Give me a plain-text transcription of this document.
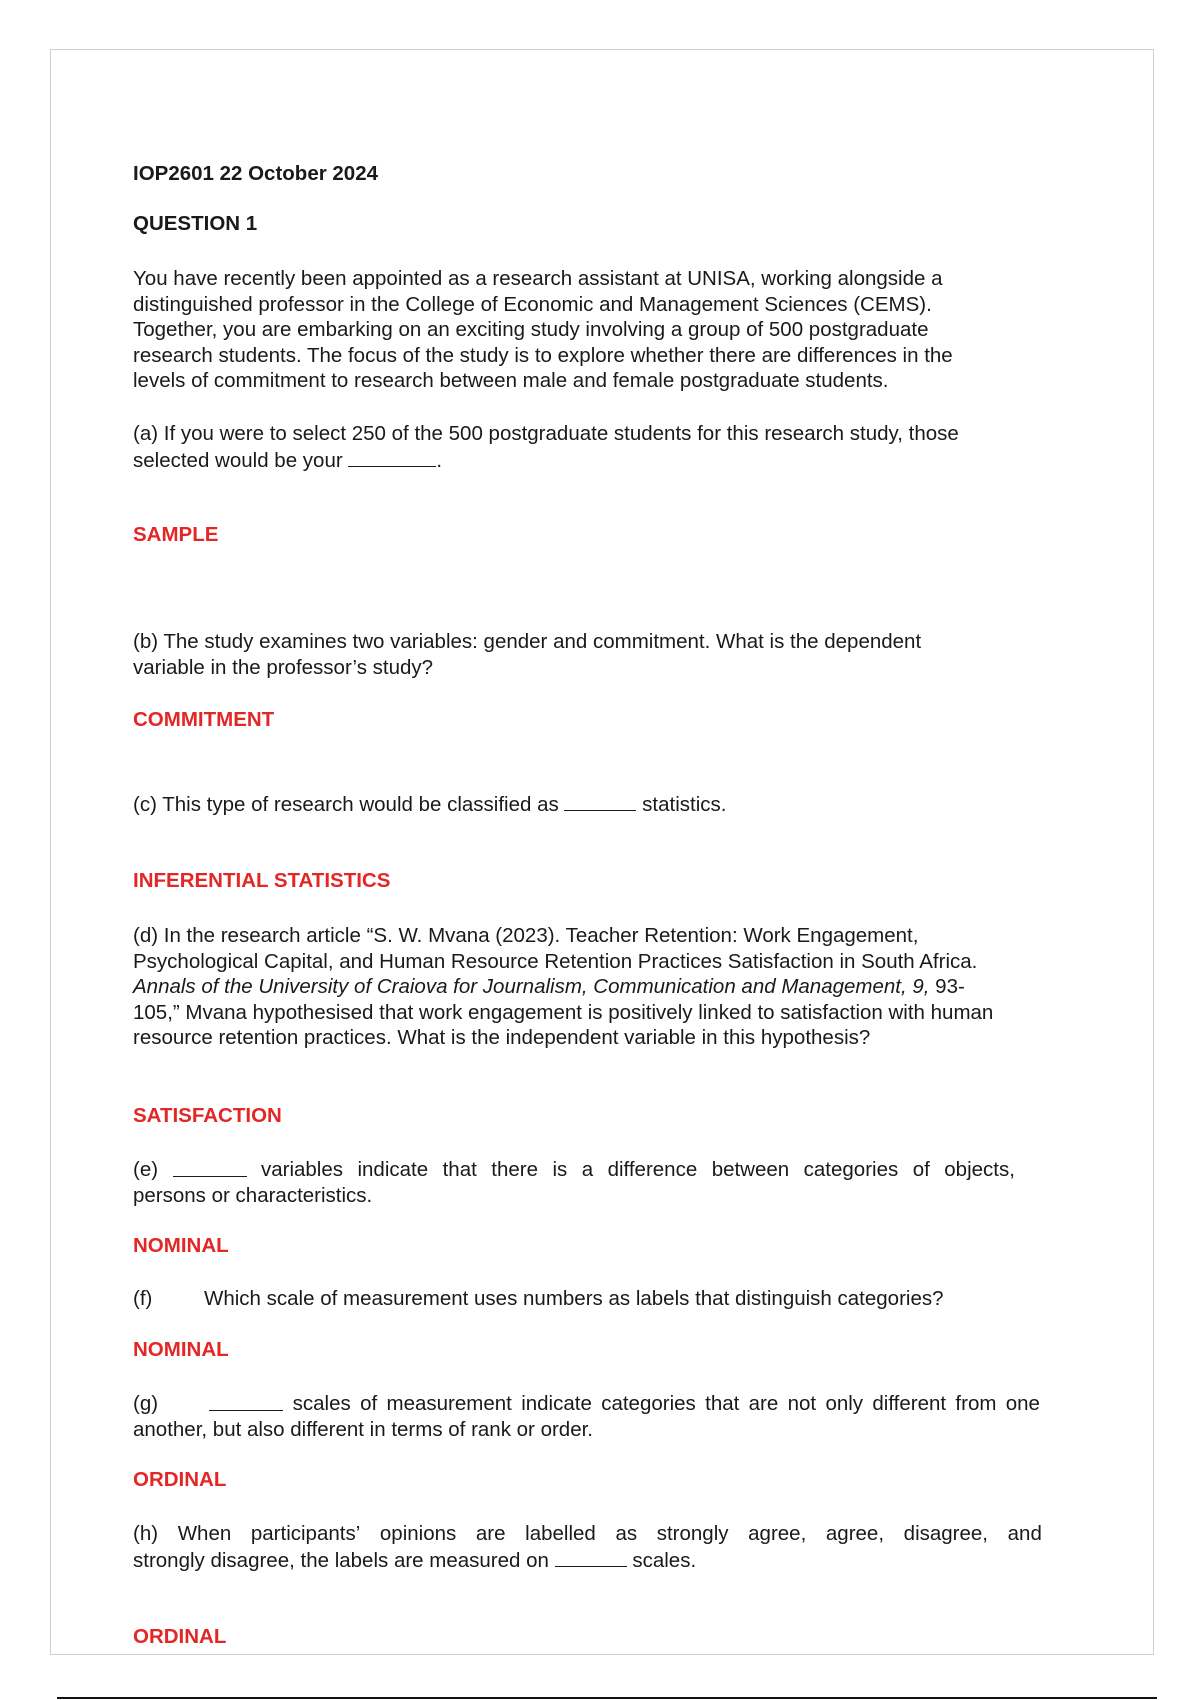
IOP2601 22 October 2024
QUESTION 1
You have recently been appointed as a research assistant at UNISA, working alongside a
distinguished professor in the College of Economic and Management Sciences (CEMS).
Together, you are embarking on an exciting study involving a group of 500 postgraduate
research students. The focus of the study is to explore whether there are differences in the
levels of commitment to research between male and female postgraduate students.
(a) If you were to select 250 of the 500 postgraduate students for this research study, those
selected would be your	.
SAMPLE
(b) The study examines two variables: gender and commitment. What is the dependent
variable in the professor’s study?
COMMITMENT
(c) This type of research would be classified as	statistics.
INFERENTIAL STATISTICS
(d) In the research article “S. W. Mvana (2023). Teacher Retention: Work Engagement,
Psychological Capital, and Human Resource Retention Practices Satisfaction in South Africa.
Annals of the University of Craiova for Journalism, Communication and Management, 9, 93-
105,” Mvana hypothesised that work engagement is positively linked to satisfaction with human
resource retention practices. What is the independent variable in this hypothesis?
SATISFACTION
(e)	variables indicate that there is a difference between categories of objects,
persons or characteristics.
NOMINAL
(f)	Which scale of measurement uses numbers as labels that distinguish categories?
NOMINAL
(g)	scales of measurement indicate categories that are not only different from one
another, but also different in terms of rank or order.
ORDINAL
(h) When participants’ opinions are labelled as strongly agree, agree, disagree, and
strongly disagree, the labels are measured on	scales.
ORDINAL
